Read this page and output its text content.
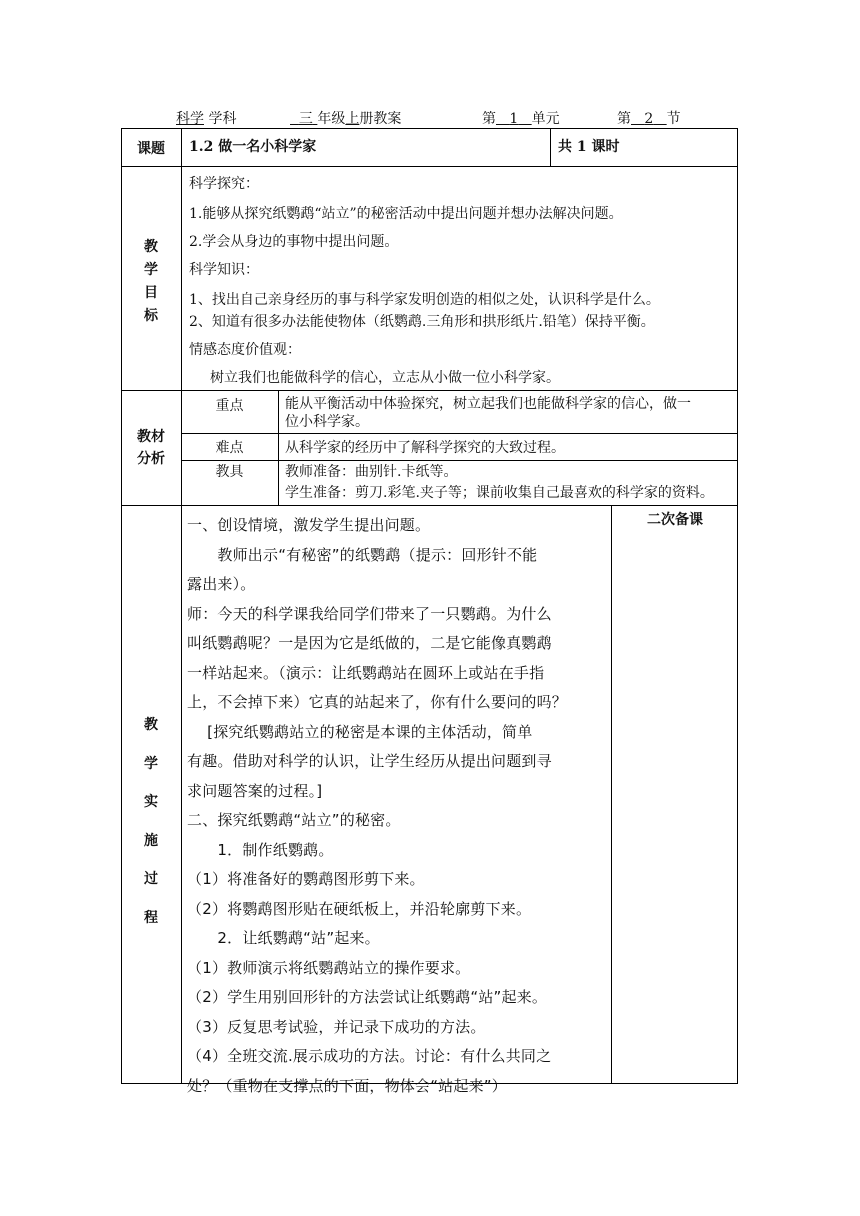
科学 学科	三 年级上册教案	第 1 单元	第 2 节
课题	1.2 做一名小科学家	共 1 课时
教
学
目
标
科学探究：
1.能够从探究纸鹦鹉“站立”的秘密活动中提出问题并想办法解决问题。
2.学会从身边的事物中提出问题。
科学知识：
1、找出自己亲身经历的事与科学家发明创造的相似之处，认识科学是什么。
2、知道有很多办法能使物体（纸鹦鹉.三角形和拱形纸片.铅笔）保持平衡。
情感态度价值观：
树立我们也能做科学的信心，立志从小做一位小科学家。
教材
分析
重点	能从平衡活动中体验探究，树立起我们也能做科学家的信心，做一
位小科学家。
难点	从科学家的经历中了解科学探究的大致过程。
教具	教师准备：曲别针.卡纸等。
学生准备：剪刀.彩笔.夹子等；课前收集自己最喜欢的科学家的资料。
教
学
实
施
过
程
二次备课
一、创设情境，激发学生提出问题。
　　教师出示“有秘密”的纸鹦鹉（提示：回形针不能
露出来）。
师：今天的科学课我给同学们带来了一只鹦鹉。为什么
叫纸鹦鹉呢？一是因为它是纸做的，二是它能像真鹦鹉
一样站起来。（演示：让纸鹦鹉站在圆环上或站在手指
上，不会掉下来）它真的站起来了，你有什么要问的吗？
　 [探究纸鹦鹉站立的秘密是本课的主体活动，简单
有趣。借助对科学的认识，让学生经历从提出问题到寻
求问题答案的过程。]
二、探究纸鹦鹉“站立”的秘密。
　　1．制作纸鹦鹉。
（1）将准备好的鹦鹉图形剪下来。
（2）将鹦鹉图形贴在硬纸板上，并沿轮廓剪下来。
　　2．让纸鹦鹉“站”起来。
（1）教师演示将纸鹦鹉站立的操作要求。
（2）学生用别回形针的方法尝试让纸鹦鹉“站”起来。
（3）反复思考试验，并记录下成功的方法。
（4）全班交流.展示成功的方法。讨论：有什么共同之
处？（重物在支撑点的下面，物体会“站起来”）
